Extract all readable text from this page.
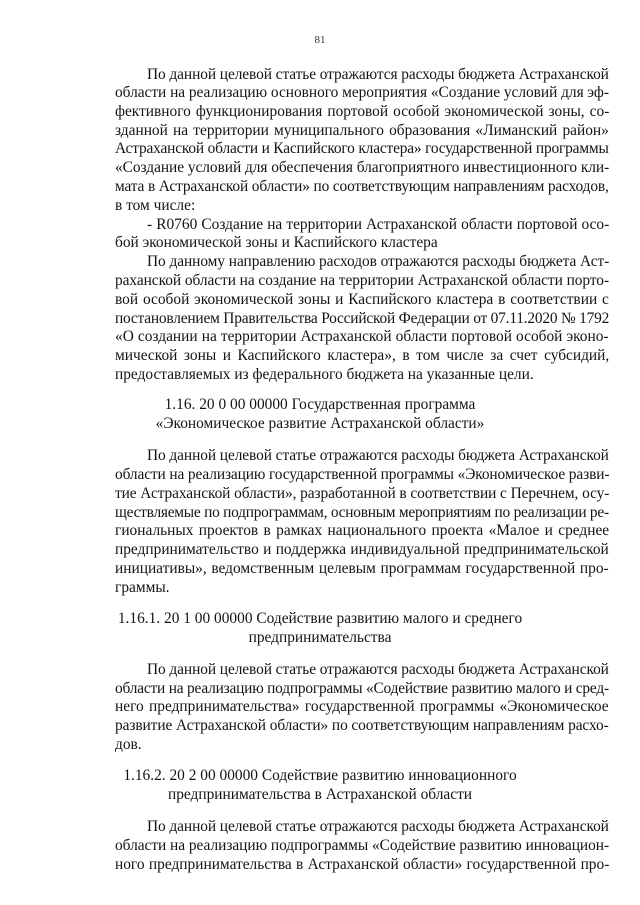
81
По данной целевой статье отражаются расходы бюджета Астраханской
области на реализацию основного мероприятия «Создание условий для эф-
фективного функционирования портовой особой экономической зоны, со-
зданной на территории муниципального образования «Лиманский район»
Астраханской области и Каспийского кластера» государственной программы
«Создание условий для обеспечения благоприятного инвестиционного кли-
мата в Астраханской области» по соответствующим направлениям расходов,
в том числе:
- R0760 Создание на территории Астраханской области портовой осо-
бой экономической зоны и Каспийского кластера
По данному направлению расходов отражаются расходы бюджета Аст-
раханской области на создание на территории Астраханской области порто-
вой особой экономической зоны и Каспийского кластера в соответствии с
постановлением Правительства Российской Федерации от 07.11.2020 № 1792
«О создании на территории Астраханской области портовой особой эконо-
мической зоны и Каспийского кластера», в том числе за счет субсидий,
предоставляемых из федерального бюджета на указанные цели.
1.16. 20 0 00 00000 Государственная программа
«Экономическое развитие Астраханской области»
По данной целевой статье отражаются расходы бюджета Астраханской
области на реализацию государственной программы «Экономическое разви-
тие Астраханской области», разработанной в соответствии с Перечнем, осу-
ществляемые по подпрограммам, основным мероприятиям по реализации ре-
гиональных проектов в рамках национального проекта «Малое и среднее
предпринимательство и поддержка индивидуальной предпринимательской
инициативы», ведомственным целевым программам государственной про-
граммы.
1.16.1. 20 1 00 00000 Содействие развитию малого и среднего
предпринимательства
По данной целевой статье отражаются расходы бюджета Астраханской
области на реализацию подпрограммы «Содействие развитию малого и сред-
него предпринимательства» государственной программы «Экономическое
развитие Астраханской области» по соответствующим направлениям расхо-
дов.
1.16.2. 20 2 00 00000 Содействие развитию инновационного
предпринимательства в Астраханской области
По данной целевой статье отражаются расходы бюджета Астраханской
области на реализацию подпрограммы «Содействие развитию инновацион-
ного предпринимательства в Астраханской области» государственной про-
